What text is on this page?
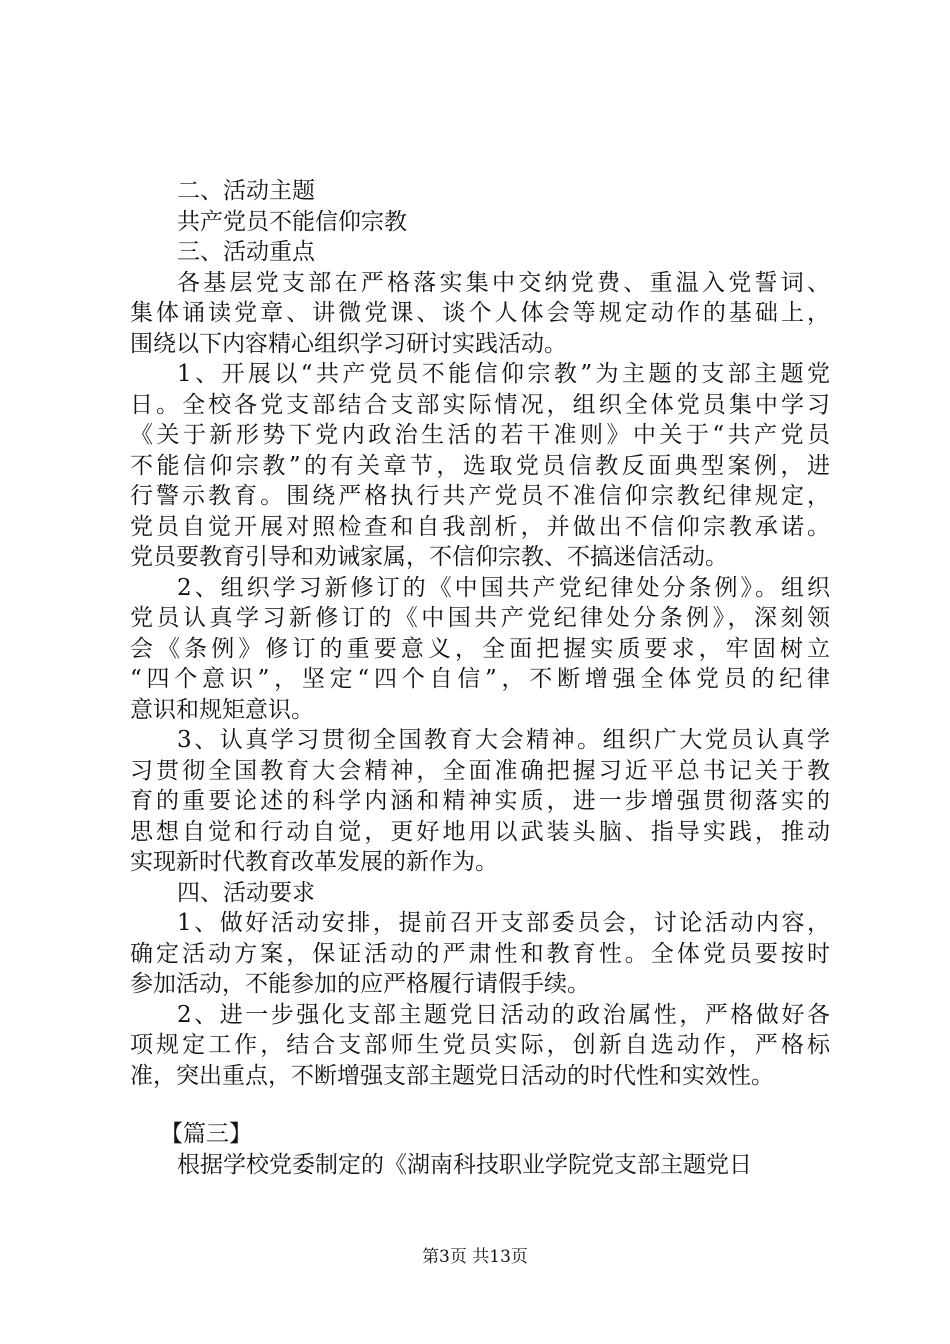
二、活动主题
共产党员不能信仰宗教
三、活动重点
各基层党支部在严格落实集中交纳党费、重温入党誓词、
集体诵读党章、讲微党课、谈个人体会等规定动作的基础上，
围绕以下内容精心组织学习研讨实践活动。
1、开展以“共产党员不能信仰宗教”为主题的支部主题党
日。全校各党支部结合支部实际情况，组织全体党员集中学习
《关于新形势下党内政治生活的若干准则》中关于“共产党员
不能信仰宗教”的有关章节，选取党员信教反面典型案例，进
行警示教育。围绕严格执行共产党员不准信仰宗教纪律规定，
党员自觉开展对照检查和自我剖析，并做出不信仰宗教承诺。
党员要教育引导和劝诫家属，不信仰宗教、不搞迷信活动。
2、组织学习新修订的《中国共产党纪律处分条例》。组织
党员认真学习新修订的《中国共产党纪律处分条例》，深刻领
会《条例》修订的重要意义，全面把握实质要求，牢固树立
“四个意识”，坚定“四个自信”，不断增强全体党员的纪律
意识和规矩意识。
3、认真学习贯彻全国教育大会精神。组织广大党员认真学
习贯彻全国教育大会精神，全面准确把握习近平总书记关于教
育的重要论述的科学内涵和精神实质，进一步增强贯彻落实的
思想自觉和行动自觉，更好地用以武装头脑、指导实践，推动
实现新时代教育改革发展的新作为。
四、活动要求
1、做好活动安排，提前召开支部委员会，讨论活动内容，
确定活动方案，保证活动的严肃性和教育性。全体党员要按时
参加活动，不能参加的应严格履行请假手续。
2、进一步强化支部主题党日活动的政治属性，严格做好各
项规定工作，结合支部师生党员实际，创新自选动作，严格标
准，突出重点，不断增强支部主题党日活动的时代性和实效性。
【篇三】
根据学校党委制定的《湖南科技职业学院党支部主题党日
第3页 共13页
